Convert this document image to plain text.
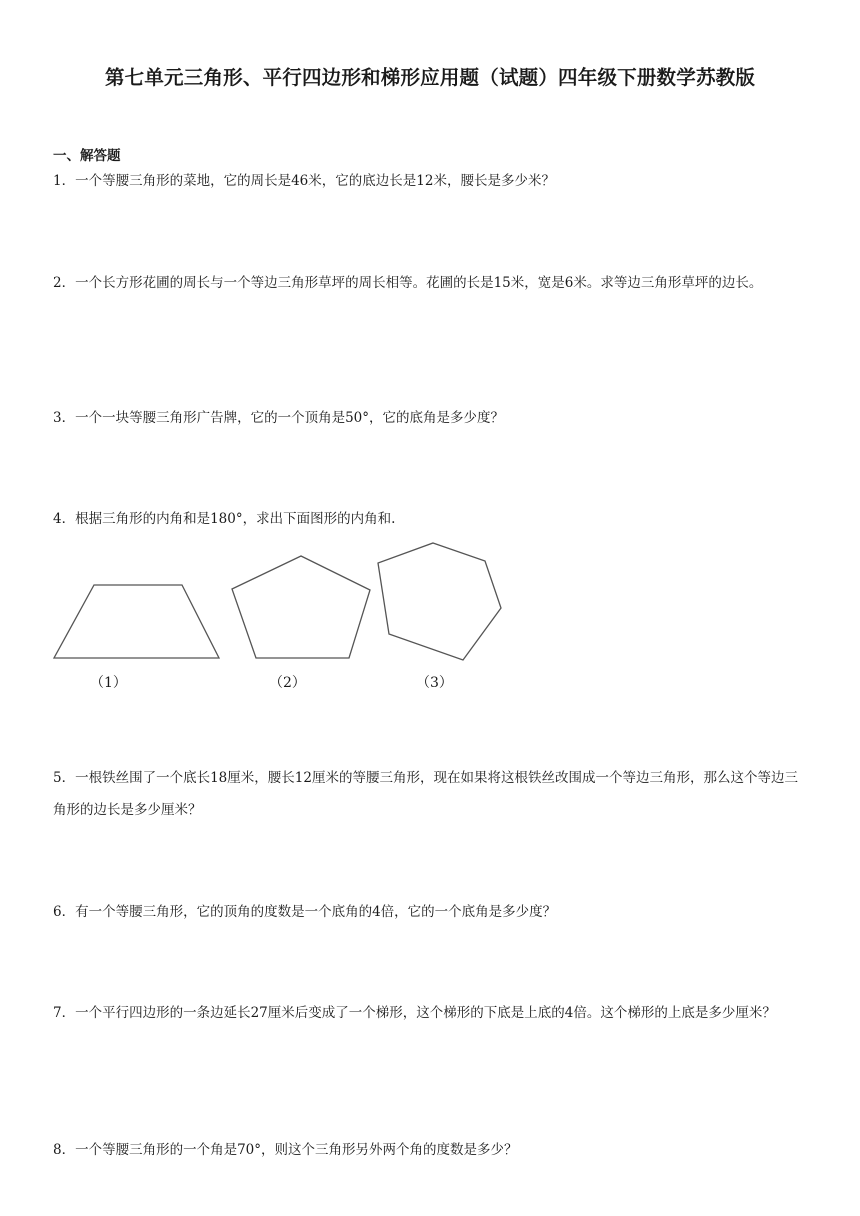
第七单元三角形、平行四边形和梯形应用题（试题）四年级下册数学苏教版

一、解答题

1．一个等腰三角形的菜地，它的周长是46米，它的底边长是12米，腰长是多少米？

2．一个长方形花圃的周长与一个等边三角形草坪的周长相等。花圃的长是15米，宽是6米。求等边三角形草坪的边长。

3．一个一块等腰三角形广告牌，它的一个顶角是50°，它的底角是多少度？

4．根据三角形的内角和是180°，求出下面图形的内角和.

（1）	（2）	（3）

5．一根铁丝围了一个底长18厘米，腰长12厘米的等腰三角形，现在如果将这根铁丝改围成一个等边三角形，那么这个等边三角形的边长是多少厘米？

6．有一个等腰三角形，它的顶角的度数是一个底角的4倍，它的一个底角是多少度？

7．一个平行四边形的一条边延长27厘米后变成了一个梯形，这个梯形的下底是上底的4倍。这个梯形的上底是多少厘米？

8．一个等腰三角形的一个角是70°，则这个三角形另外两个角的度数是多少？
